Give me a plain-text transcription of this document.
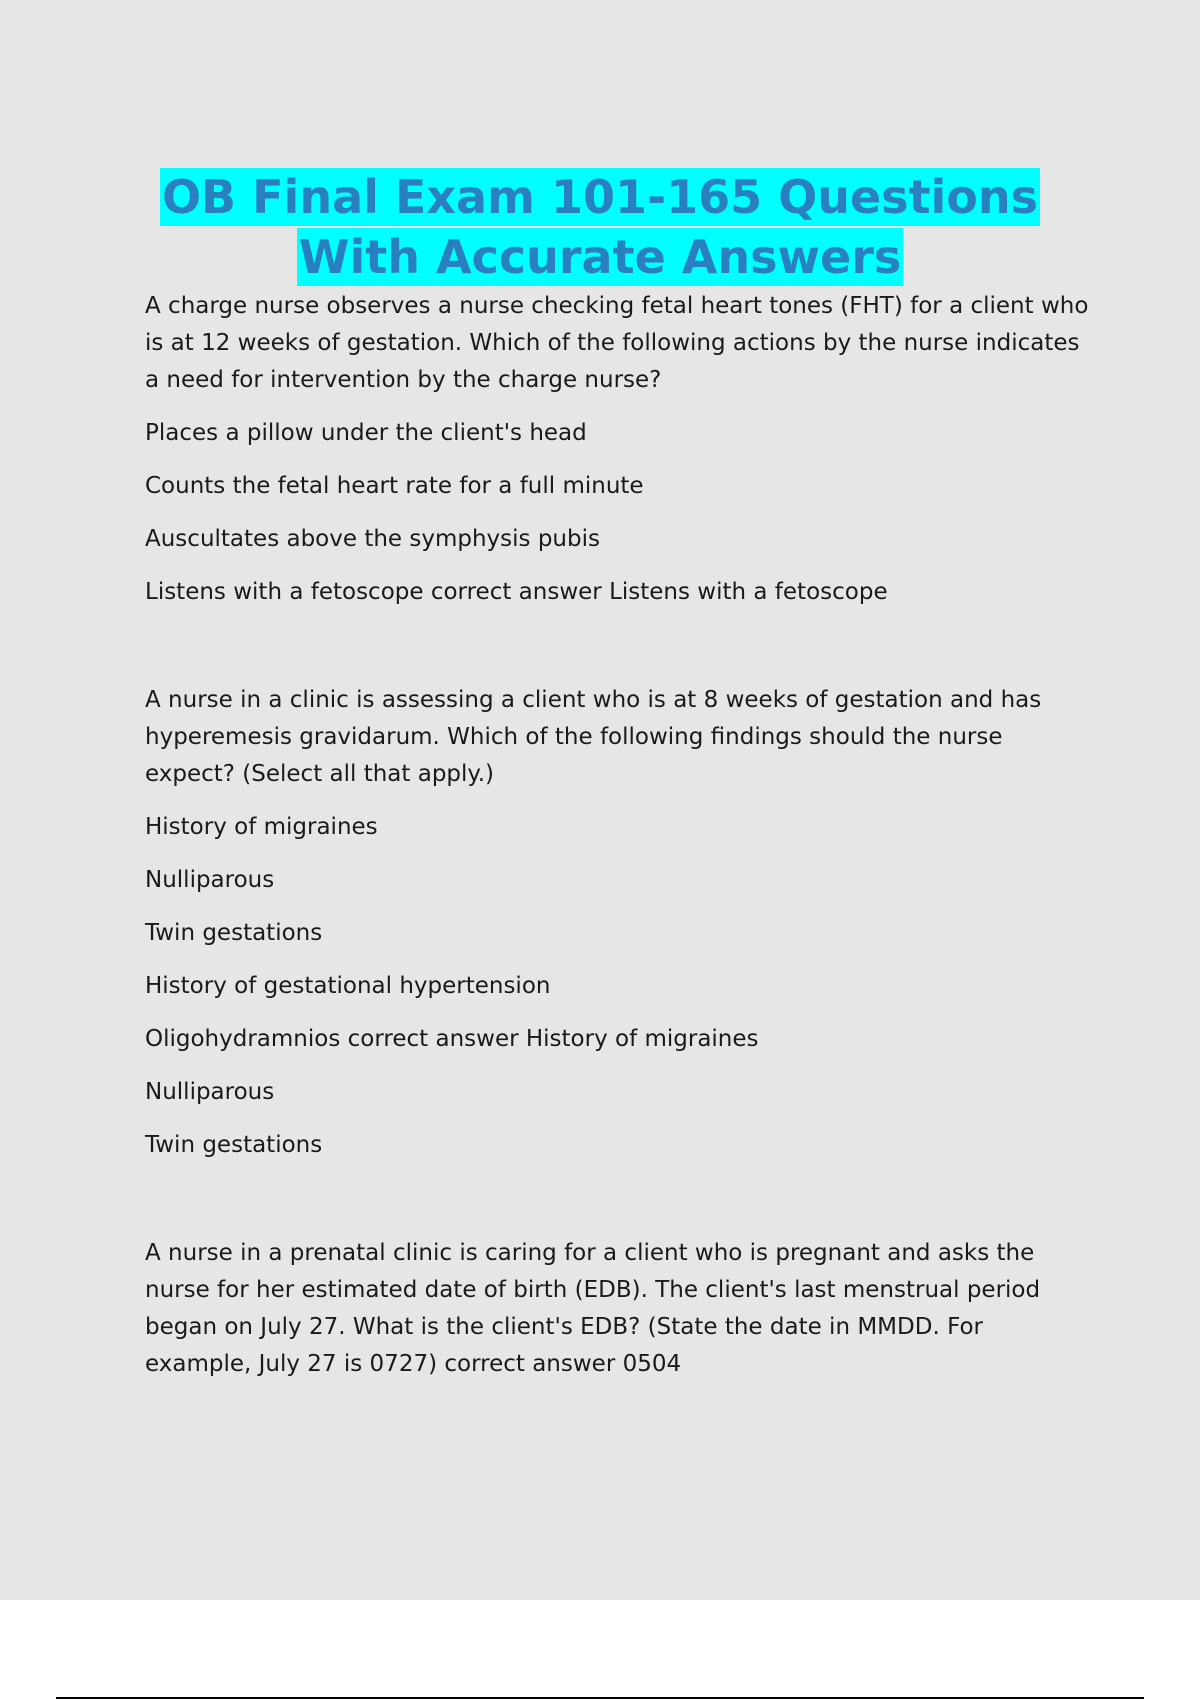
OB Final Exam 101-165 Questions
With Accurate Answers

A charge nurse observes a nurse checking fetal heart tones (FHT) for a client who is at 12 weeks of gestation. Which of the following actions by the nurse indicates a need for intervention by the charge nurse?

Places a pillow under the client's head

Counts the fetal heart rate for a full minute

Auscultates above the symphysis pubis

Listens with a fetoscope correct answer Listens with a fetoscope

A nurse in a clinic is assessing a client who is at 8 weeks of gestation and has hyperemesis gravidarum. Which of the following findings should the nurse expect? (Select all that apply.)

History of migraines

Nulliparous

Twin gestations

History of gestational hypertension

Oligohydramnios correct answer History of migraines

Nulliparous

Twin gestations

A nurse in a prenatal clinic is caring for a client who is pregnant and asks the nurse for her estimated date of birth (EDB). The client's last menstrual period began on July 27. What is the client's EDB? (State the date in MMDD. For example, July 27 is 0727) correct answer 0504
